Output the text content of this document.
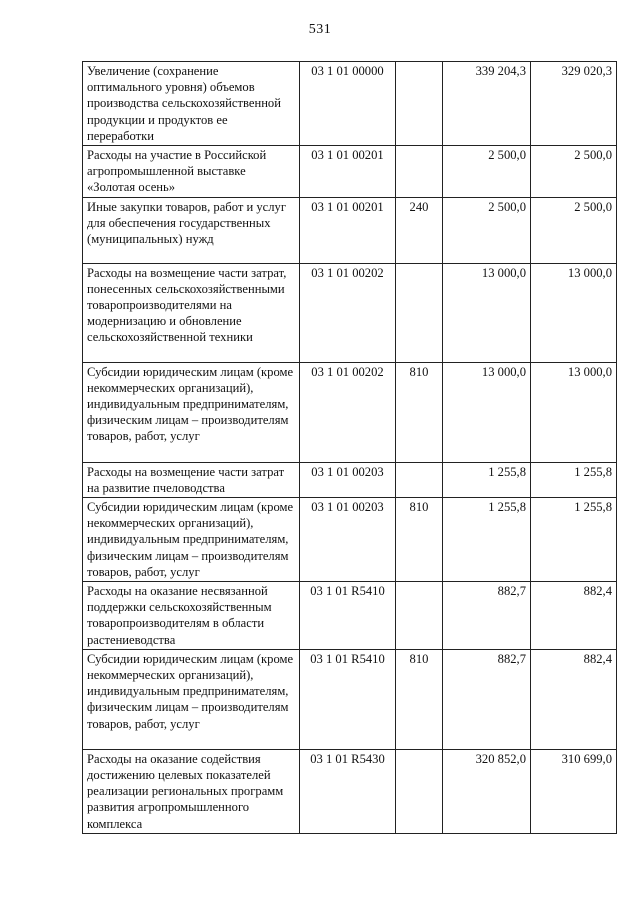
531
Увеличение (сохранение оптимального уровня) объемов производства сельскохозяйственной продукции и продуктов ее переработки	03 1 01 00000		339 204,3	329 020,3
Расходы на участие в Российской агропромышленной выставке «Золотая осень»	03 1 01 00201		2 500,0	2 500,0
Иные закупки товаров, работ и услуг для обеспечения государственных (муниципальных) нужд	03 1 01 00201	240	2 500,0	2 500,0
Расходы на возмещение части затрат, понесенных сельскохозяйственными товаропроизводителями на модернизацию и обновление сельскохозяйственной техники	03 1 01 00202		13 000,0	13 000,0
Субсидии юридическим лицам (кроме некоммерческих организаций), индивидуальным предпринимателям, физическим лицам – производителям товаров, работ, услуг	03 1 01 00202	810	13 000,0	13 000,0
Расходы на возмещение части затрат на развитие пчеловодства	03 1 01 00203		1 255,8	1 255,8
Субсидии юридическим лицам (кроме некоммерческих организаций), индивидуальным предпринимателям, физическим лицам – производителям товаров, работ, услуг	03 1 01 00203	810	1 255,8	1 255,8
Расходы на оказание несвязанной поддержки сельскохозяйственным товаропроизводителям в области растениеводства	03 1 01 R5410		882,7	882,4
Субсидии юридическим лицам (кроме некоммерческих организаций), индивидуальным предпринимателям, физическим лицам – производителям товаров, работ, услуг	03 1 01 R5410	810	882,7	882,4
Расходы на оказание содействия достижению целевых показателей реализации региональных программ развития агропромышленного комплекса	03 1 01 R5430		320 852,0	310 699,0
